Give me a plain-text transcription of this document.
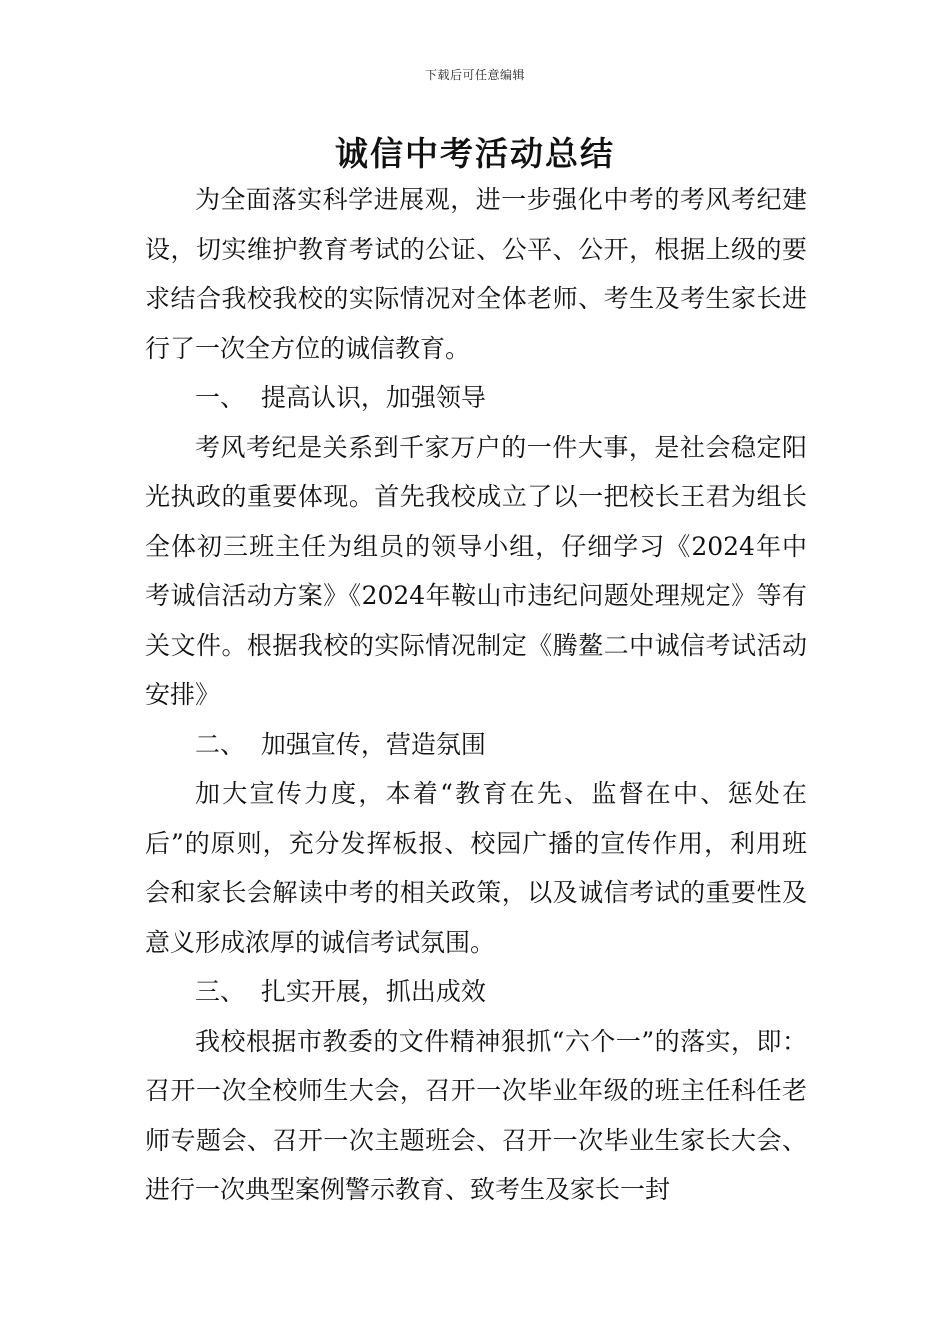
下载后可任意编辑
诚信中考活动总结

为全面落实科学进展观，进一步强化中考的考风考纪建设，切实维护教育考试的公证、公平、公开，根据上级的要求结合我校我校的实际情况对全体老师、考生及考生家长进行了一次全方位的诚信教育。

一、  提高认识，加强领导

考风考纪是关系到千家万户的一件大事，是社会稳定阳光执政的重要体现。首先我校成立了以一把校长王君为组长全体初三班主任为组员的领导小组，仔细学习《2024年中考诚信活动方案》《2024年鞍山市违纪问题处理规定》等有关文件。根据我校的实际情况制定《腾鳌二中诚信考试活动安排》

二、  加强宣传，营造氛围

加大宣传力度，本着“教育在先、监督在中、惩处在后”的原则，充分发挥板报、校园广播的宣传作用，利用班会和家长会解读中考的相关政策，以及诚信考试的重要性及意义形成浓厚的诚信考试氛围。

三、  扎实开展，抓出成效

我校根据市教委的文件精神狠抓“六个一”的落实，即：召开一次全校师生大会，召开一次毕业年级的班主任科任老师专题会、召开一次主题班会、召开一次毕业生家长大会、进行一次典型案例警示教育、致考生及家长一封
